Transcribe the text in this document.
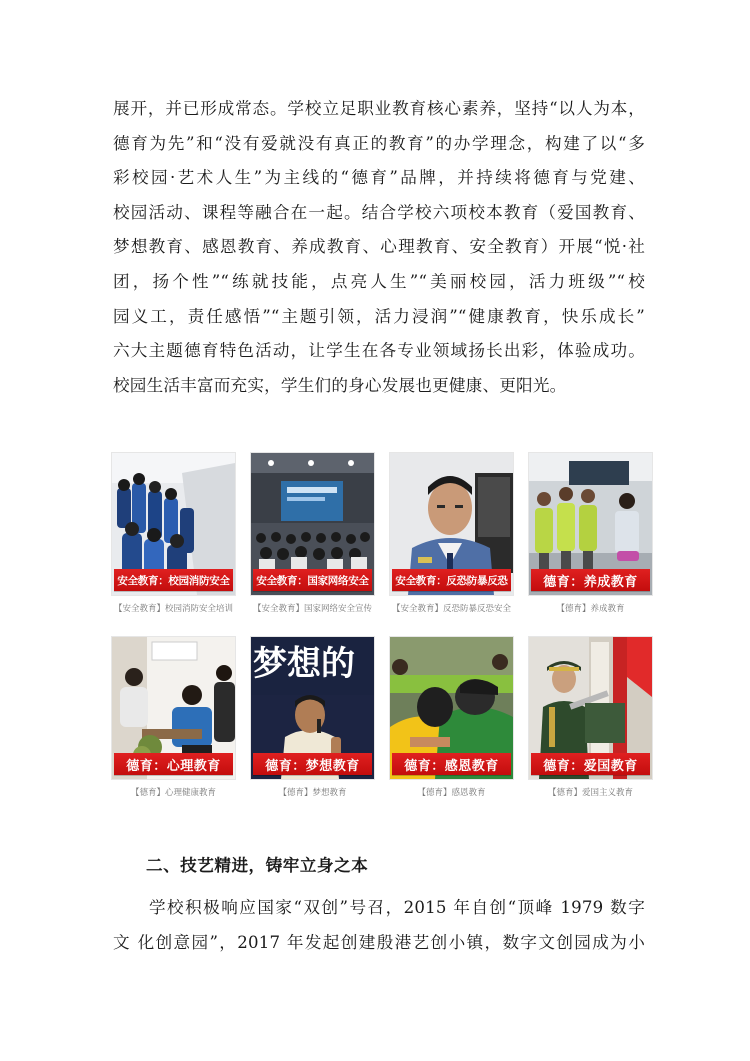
展开，并已形成常态。学校立足职业教育核心素养，坚持“以人为本，
德育为先”和“没有爱就没有真正的教育”的办学理念，构建了以“多
彩校园·艺术人生”为主线的“德育”品牌，并持续将德育与党建、
校园活动、课程等融合在一起。结合学校六项校本教育（爱国教育、
梦想教育、感恩教育、养成教育、心理教育、安全教育）开展“悦·社
团，扬个性”“练就技能，点亮人生”“美丽校园，活力班级”“校
园义工，责任感悟”“主题引领，活力浸润”“健康教育，快乐成长”
六大主题德育特色活动，让学生在各专业领域扬长出彩，体验成功。
校园生活丰富而充实，学生们的身心发展也更健康、更阳光。
安全教育：校园消防安全
【安全教育】校园消防安全培训
安全教育：国家网络安全
【安全教育】国家网络安全宣传
安全教育：反恐防暴反恐
【安全教育】反恐防暴反恐安全
德育：养成教育
【德育】养成教育
德育：心理教育
【德育】心理健康教育
梦想的
德育：梦想教育
【德育】梦想教育
德育：感恩教育
【德育】感恩教育
德育：爱国教育
【德育】爱国主义教育
二、技艺精进，铸牢立身之本
学校积极响应国家“双创”号召，2015 年自创“顶峰 1979 数字
文 化创意园”，2017 年发起创建殷港艺创小镇，数字文创园成为小
